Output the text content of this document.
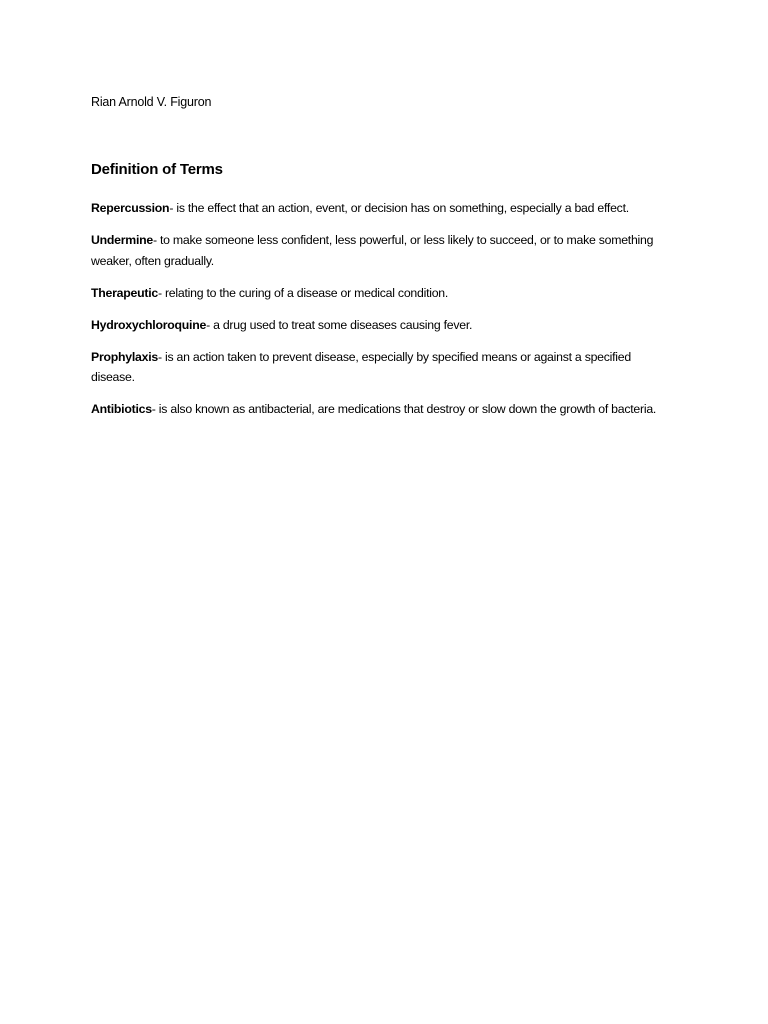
Rian Arnold V. Figuron

Definition of Terms

Repercussion- is the effect that an action, event, or decision has on something, especially a bad effect.

Undermine- to make someone less confident, less powerful, or less likely to succeed, or to make something weaker, often gradually.

Therapeutic- relating to the curing of a disease or medical condition.

Hydroxychloroquine- a drug used to treat some diseases causing fever.

Prophylaxis- is an action taken to prevent disease, especially by specified means or against a specified disease.

Antibiotics- is also known as antibacterial, are medications that destroy or slow down the growth of bacteria.
